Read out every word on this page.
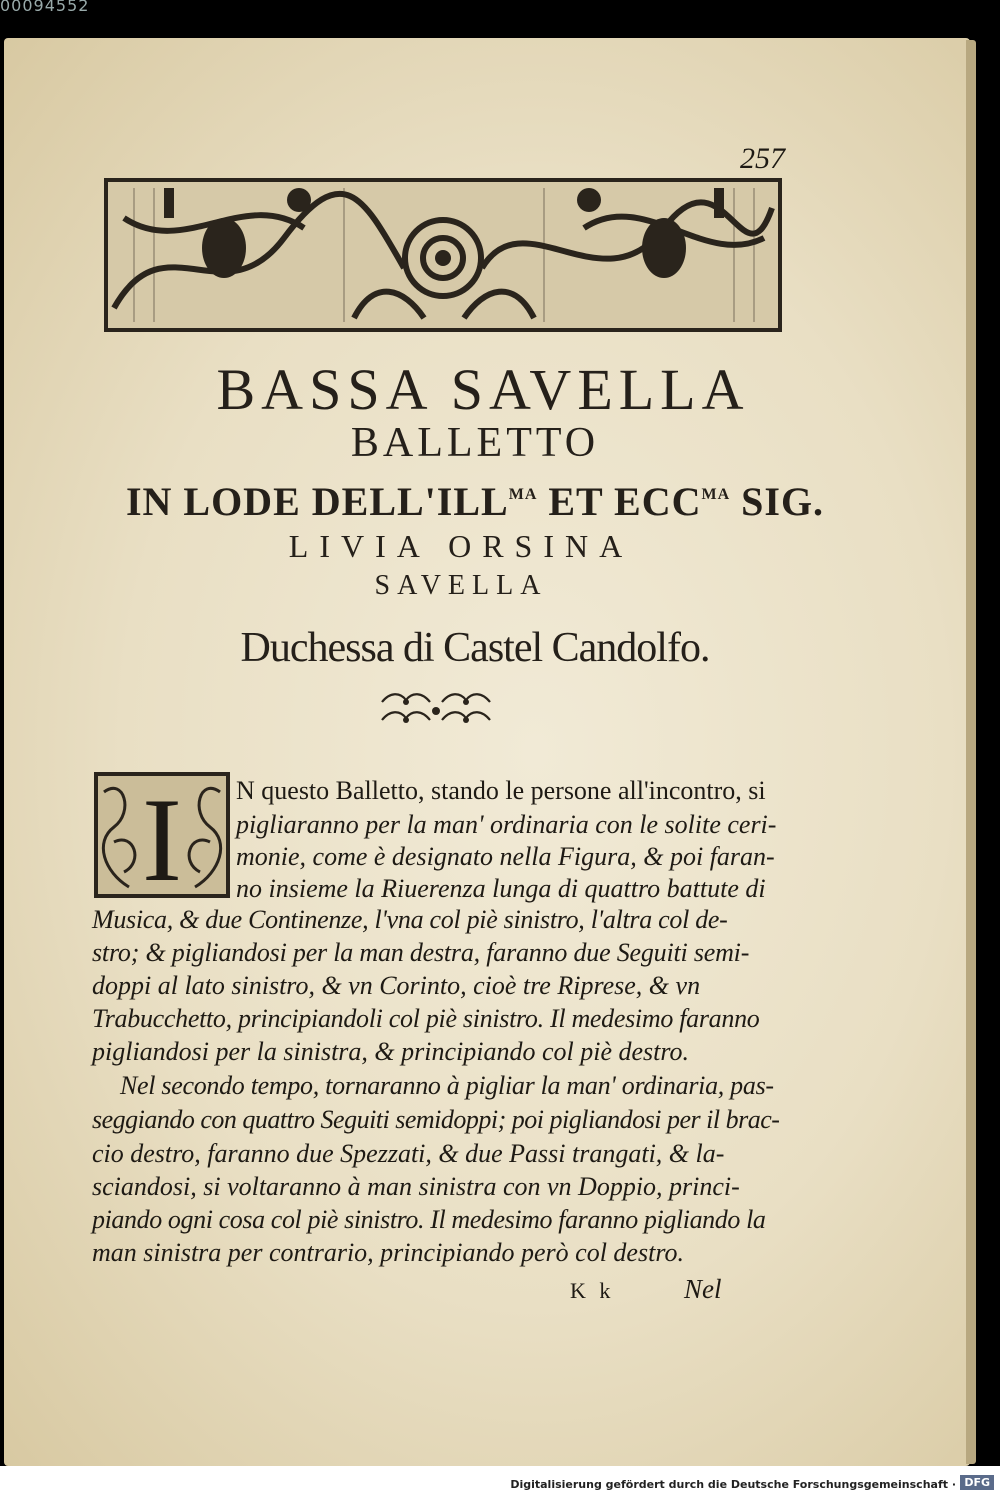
00094552
257
BASSA SAVELLA
BALLETTO
IN LODE $DELL'ILL^{MA}$ ET $ECC^{MA}$ SIG.
LIVIA ORSINA
SAVELLA
Duchessa di Castel Candolfo.
I N questo Balletto, stando le persone all'incontro, si
pigliaranno per la man' ordinaria con le solite ceri-
monie, come è designato nella Figura, & poi faran-
no insieme la Riuerenza lunga di quattro battute di
Musica, & due Continenze, l'vna col piè sinistro, l'altra col de-
stro; & pigliandosi per la man destra, faranno due Seguiti semi-
doppi al lato sinistro, & vn Corinto, cioè tre Riprese, & vn
Trabucchetto, principiandoli col piè sinistro. Il medesimo faranno
pigliandosi per la sinistra, & principiando col piè destro.
Nel secondo tempo, tornaranno à pigliar la man' ordinaria, pas-
seggiando con quattro Seguiti semidoppi; poi pigliandosi per il brac-
cio destro, faranno due Spezzati, & due Passi trangati, & la-
sciandosi, si voltaranno à man sinistra con vn Doppio, princi-
piando ogni cosa col piè sinistro. Il medesimo faranno pigliando la
man sinistra per contrario, principiando però col destro.
K k	Nel
Digitalisierung gefördert durch die Deutsche Forschungsgemeinschaft · DFG
